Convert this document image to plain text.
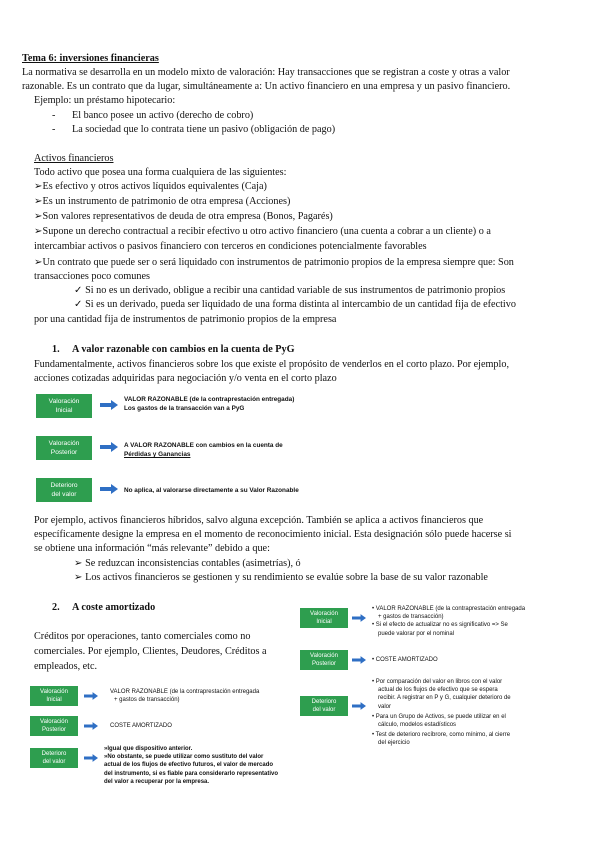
Tema 6: inversiones financieras
La normativa se desarrolla en un modelo mixto de valoración: Hay transacciones que se registran a coste y otras a valor
razonable. Es un contrato que da lugar, simultáneamente a: Un activo financiero en una empresa y un pasivo financiero.
Ejemplo: un préstamo hipotecario:
- El banco posee un activo (derecho de cobro)
- La sociedad que lo contrata tiene un pasivo (obligación de pago)
Activos financieros
Todo activo que posea una forma cualquiera de las siguientes:
➢Es efectivo y otros activos líquidos equivalentes (Caja)
➢Es un instrumento de patrimonio de otra empresa (Acciones)
➢Son valores representativos de deuda de otra empresa (Bonos, Pagarés)
➢Supone un derecho contractual a recibir efectivo u otro activo financiero (una cuenta a cobrar a un cliente) o a
intercambiar activos o pasivos financiero con terceros en condiciones potencialmente favorables
➢Un contrato que puede ser o será liquidado con instrumentos de patrimonio propios de la empresa siempre que: Son
transacciones poco comunes
✓ Si no es un derivado, obligue a recibir una cantidad variable de sus instrumentos de patrimonio propios
✓ Si es un derivado, pueda ser liquidado de una forma distinta al intercambio de un cantidad fija de efectivo
por una cantidad fija de instrumentos de patrimonio propios de la empresa
1. A valor razonable con cambios en la cuenta de PyG
Fundamentalmente, activos financieros sobre los que existe el propósito de venderlos en el corto plazo. Por ejemplo,
acciones cotizadas adquiridas para negociación y/o venta en el corto plazo
Valoración
Inicial
VALOR RAZONABLE (de la contraprestación entregada)
Los gastos de la transacción van a PyG
Valoración
Posterior
A VALOR RAZONABLE con cambios en la cuenta de
Pérdidas y Ganancias
Deterioro
del valor
No aplica, al valorarse directamente a su Valor Razonable
Por ejemplo, activos financieros híbridos, salvo alguna excepción. También se aplica a activos financieros que
específicamente designe la empresa en el momento de reconocimiento inicial. Esta designación sólo puede hacerse si
se obtiene una información “más relevante” debido a que:
➢ Se reduzcan inconsistencias contables (asimetrías), ó
➢ Los activos financieros se gestionen y su rendimiento se evalúe sobre la base de su valor razonable
2. A coste amortizado
Créditos por operaciones, tanto comerciales como no
comerciales. Por ejemplo, Clientes, Deudores, Créditos a
empleados, etc.
Valoración
Inicial
VALOR RAZONABLE (de la contraprestación entregada
+ gastos de transacción)
Valoración
Posterior
COSTE AMORTIZADO
Deterioro
del valor
»Igual que dispositivo anterior.
»No obstante, se puede utilizar como sustituto del valor
actual de los flujos de efectivo futuros, el valor de mercado
del instrumento, si es fiable para considerarlo representativo
del valor a recuperar por la empresa.
Valoración
Inicial
• VALOR RAZONABLE (de la contraprestación entregada
+ gastos de transacción)
• Si el efecto de actualizar no es significativo => Se
puede valorar por el nominal
Valoración
Posterior
• COSTE AMORTIZADO
Deterioro
del valor
• Por comparación del valor en libros con el valor
actual de los flujos de efectivo que se espera
recibir. A registrar en P y G, cualquier deterioro de
valor
• Para un Grupo de Activos, se puede utilizar en el
cálculo, modelos estadísticos
• Test de deterioro recíbrore, como mínimo, al cierre
del ejercicio
